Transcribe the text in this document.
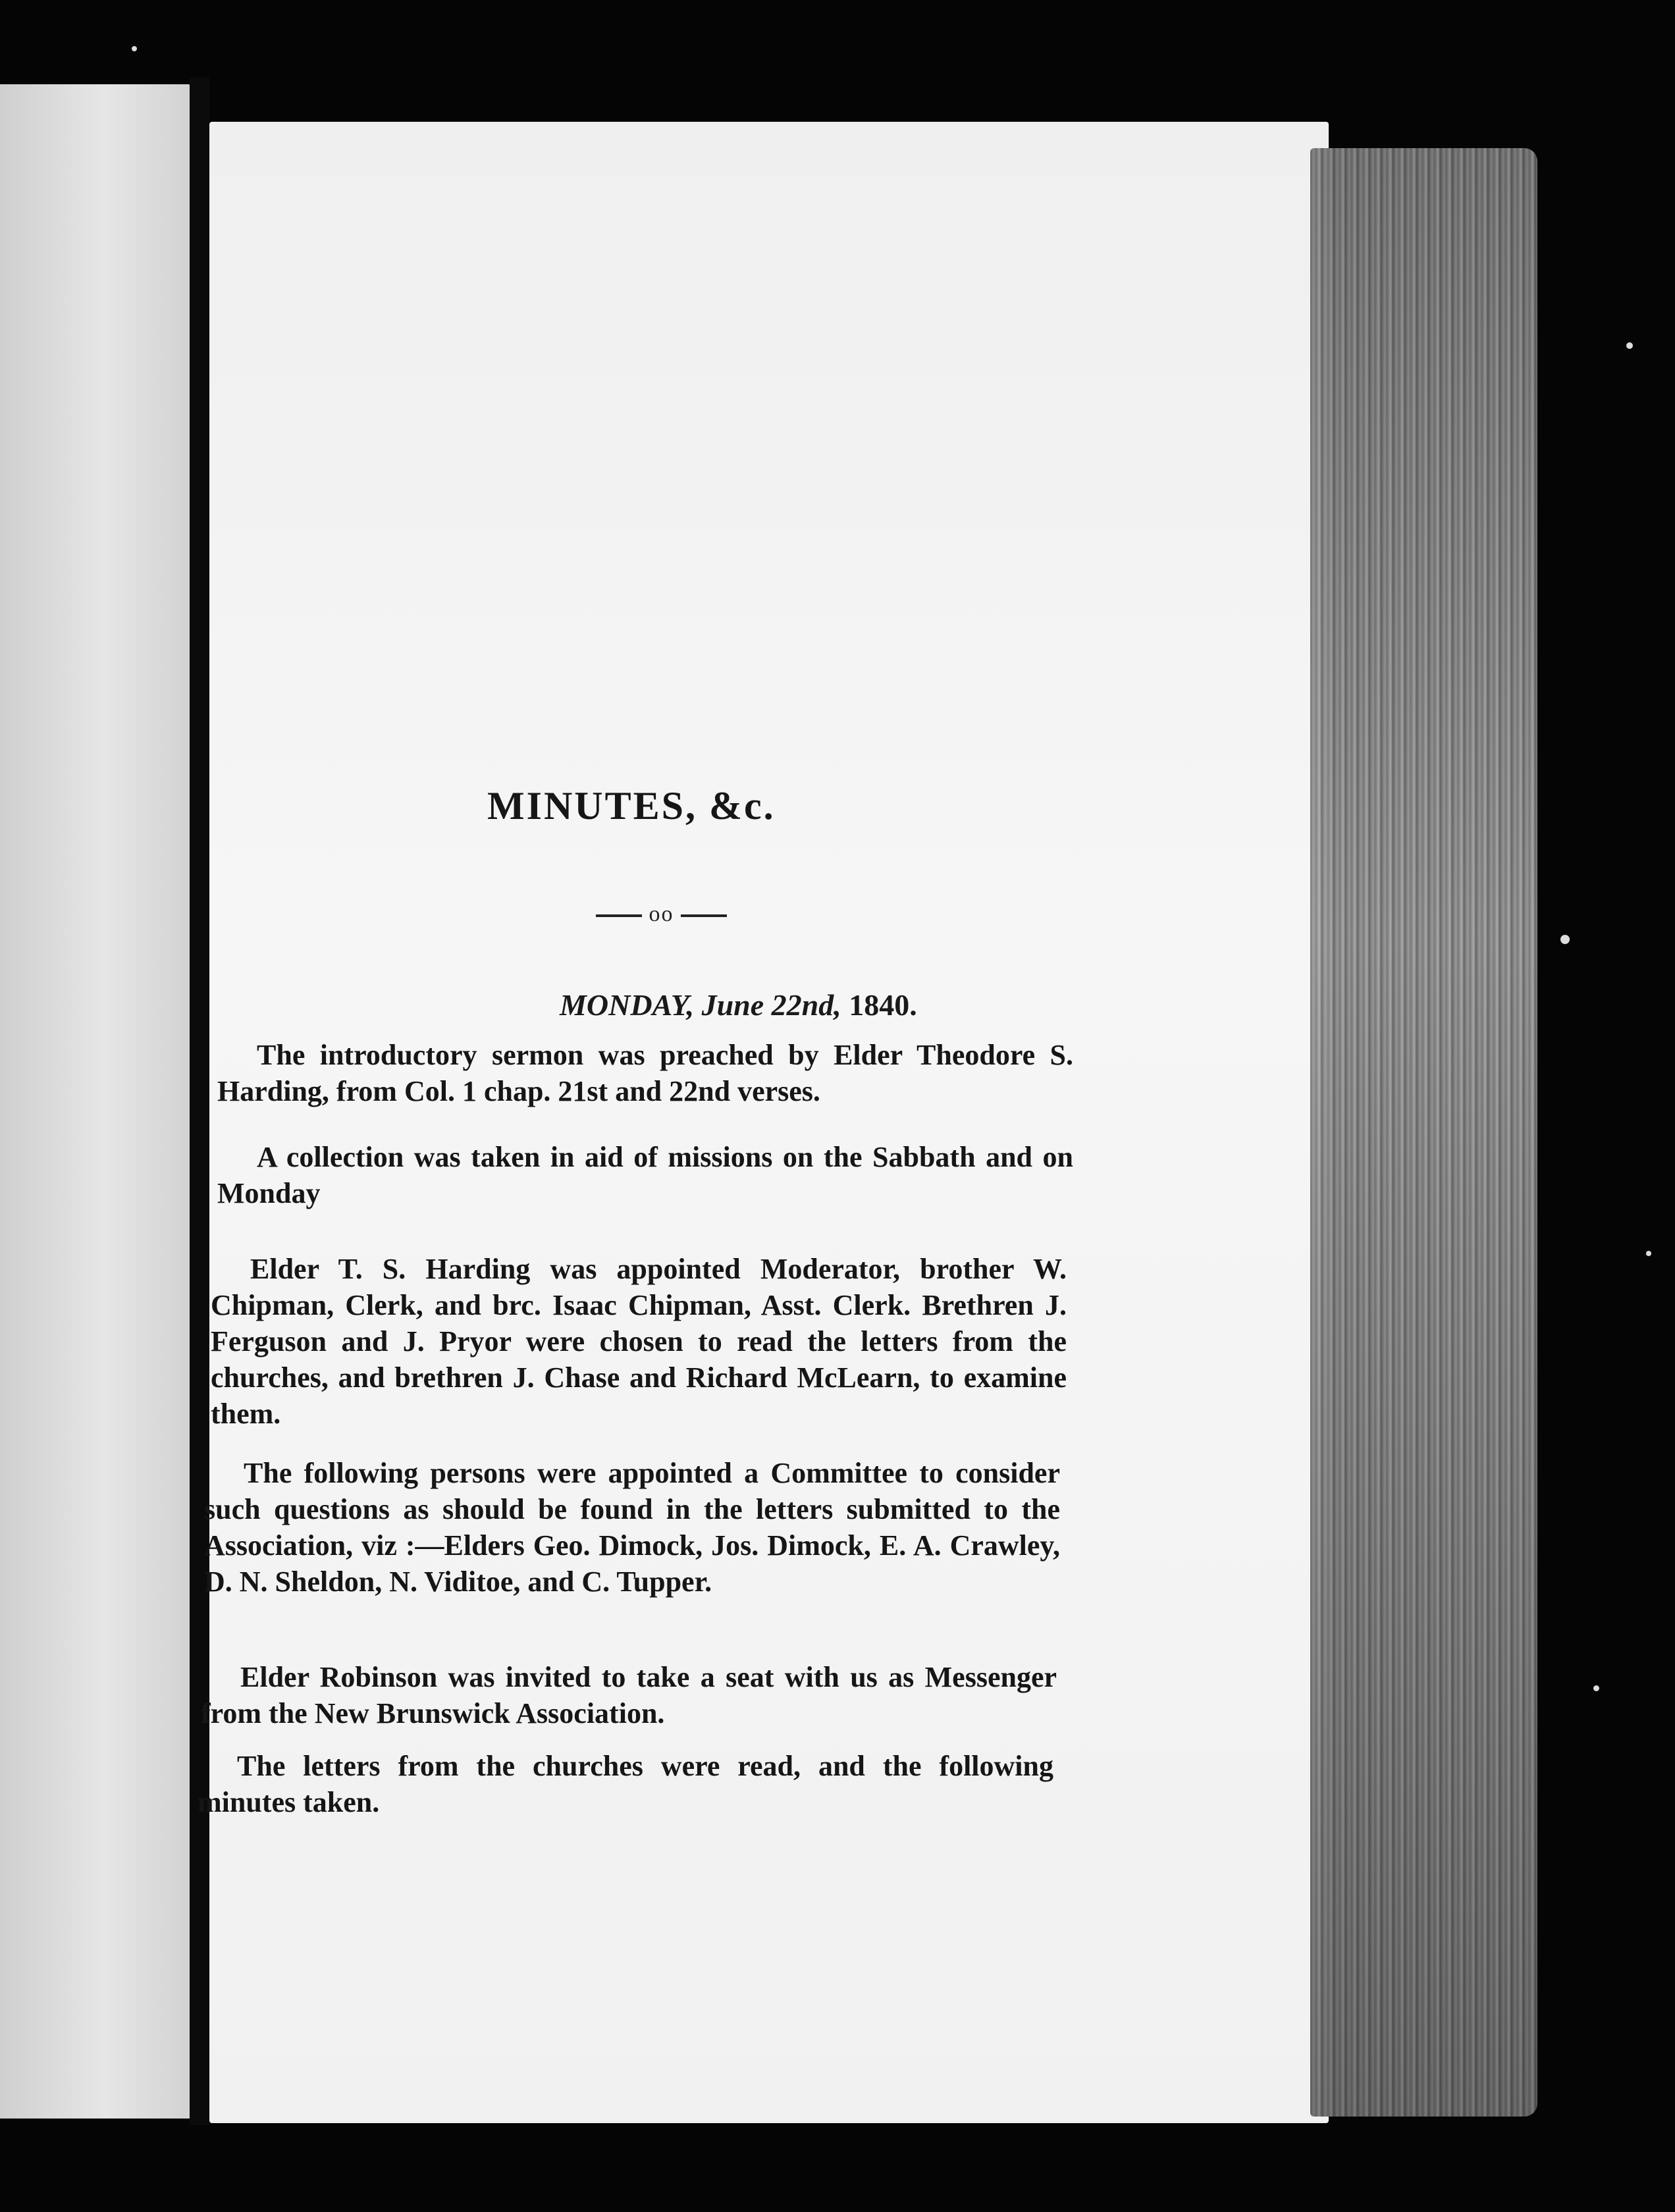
MINUTES, &c.
oo
MONDAY, June 22nd, 1840.

The introductory sermon was preached by Elder Theodore S. Harding, from Col. 1 chap. 21st and 22nd verses.

A collection was taken in aid of missions on the Sabbath and on Monday

Elder T. S. Harding was appointed Moderator, brother W. Chipman, Clerk, and brc. Isaac Chipman, Asst. Clerk. Brethren J. Ferguson and J. Pryor were chosen to read the letters from the churches, and brethren J. Chase and Richard McLearn, to examine them.

The following persons were appointed a Committee to consider such questions as should be found in the letters submitted to the Association, viz :—Elders Geo. Dimock, Jos. Dimock, E. A. Crawley, D. N. Sheldon, N. Viditoe, and C. Tupper.

Elder Robinson was invited to take a seat with us as Messenger from the New Brunswick Association.

The letters from the churches were read, and the following minutes taken.
